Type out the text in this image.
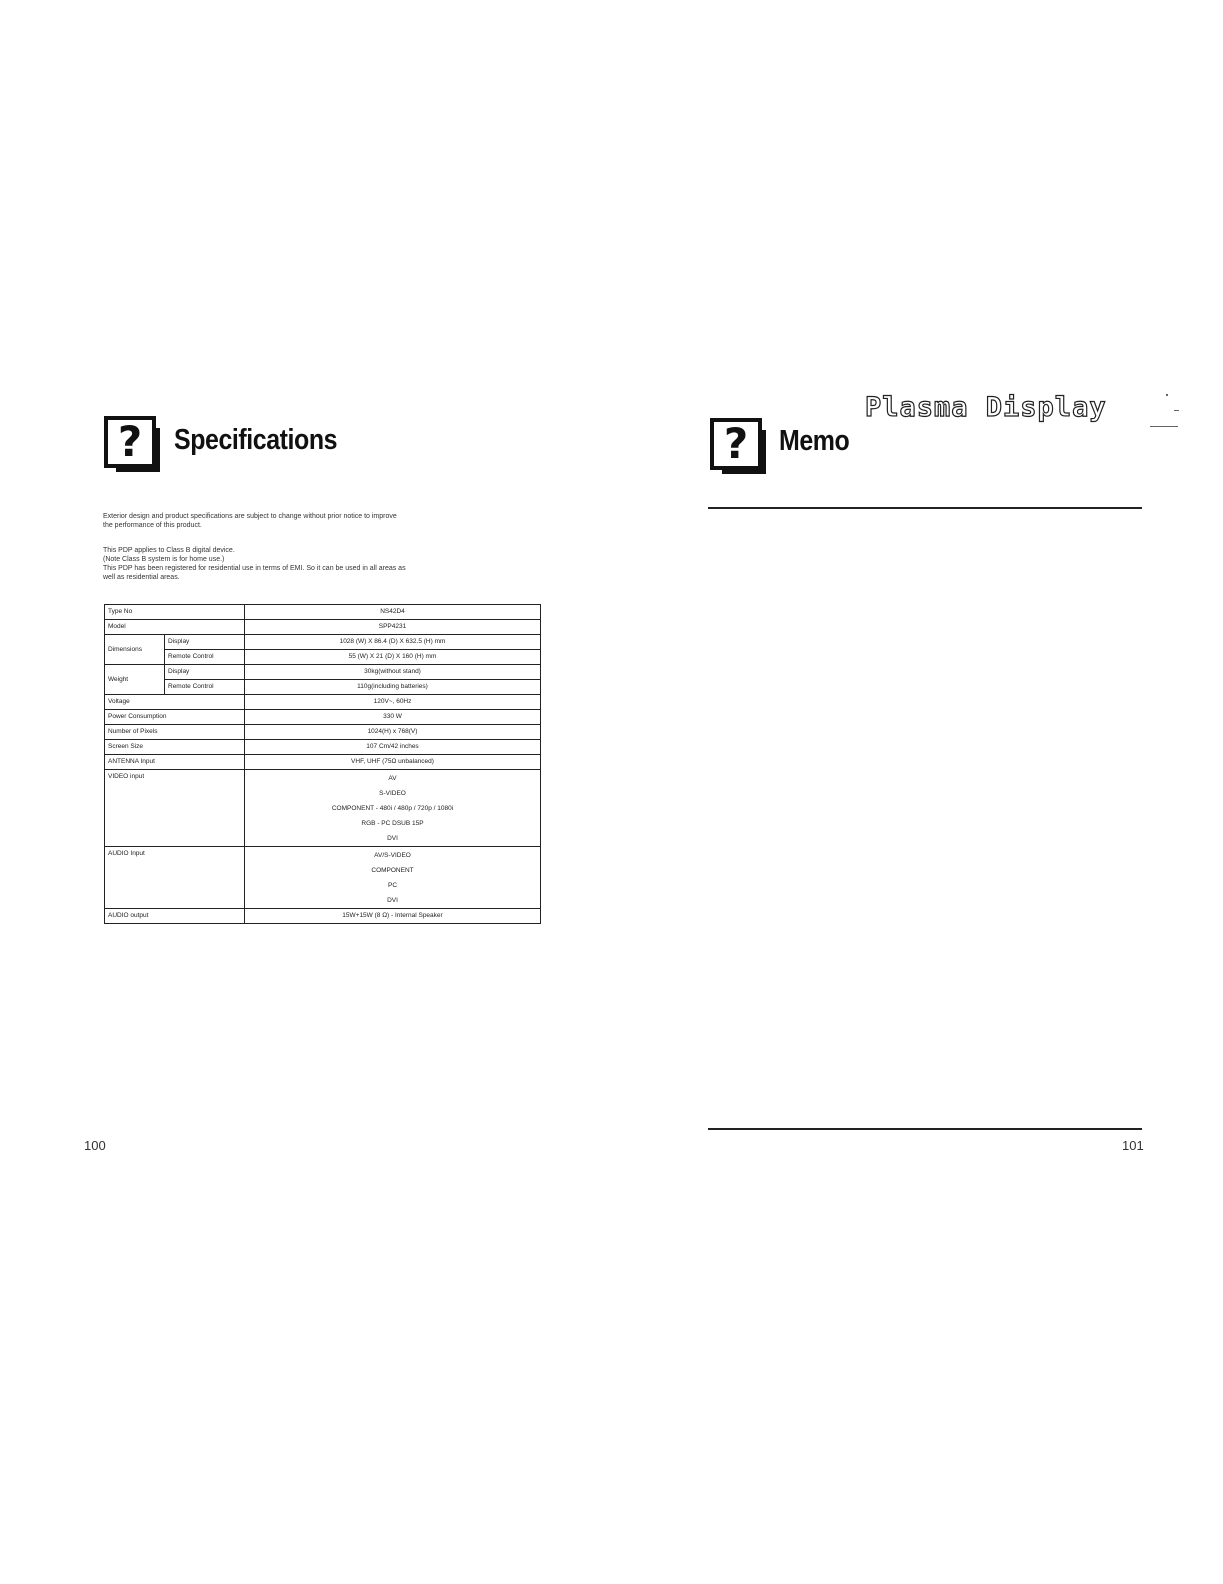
?	Specifications

Exterior design and product specifications are subject to change without prior notice to improve

the performance of this product.

This PDP applies to Class B digital device.

(Note Class B system is for home use.)

This PDP has been registered for residential use in terms of EMI. So it can be used in all areas as

well as residential areas.

Type No		NS42D4
Model		SPP4231
Dimensions	Display	1028 (W) X 86.4 (D) X 632.5 (H) mm
	Remote Control	55 (W) X 21 (D) X 160 (H) mm
Weight	Display	30kg(without stand)
	Remote Control	110g(including batteries)
Voltage		120V~, 60Hz
Power Consumption		330 W
Number of Pixels		1024(H) x 768(V)
Screen Size		107 Cm/42 inches
ANTENNA Input		VHF, UHF (75Ω unbalanced)
VIDEO input		AV
S-VIDEO
COMPONENT - 480i / 480p / 720p / 1080i
RGB - PC DSUB 15P
DVI

AUDIO Input		AV/S-VIDEO
COMPONENT
PC
DVI

AUDIO output		15W+15W (8 Ω) - Internal Speaker
100
Plasma Display
?	Memo
101
